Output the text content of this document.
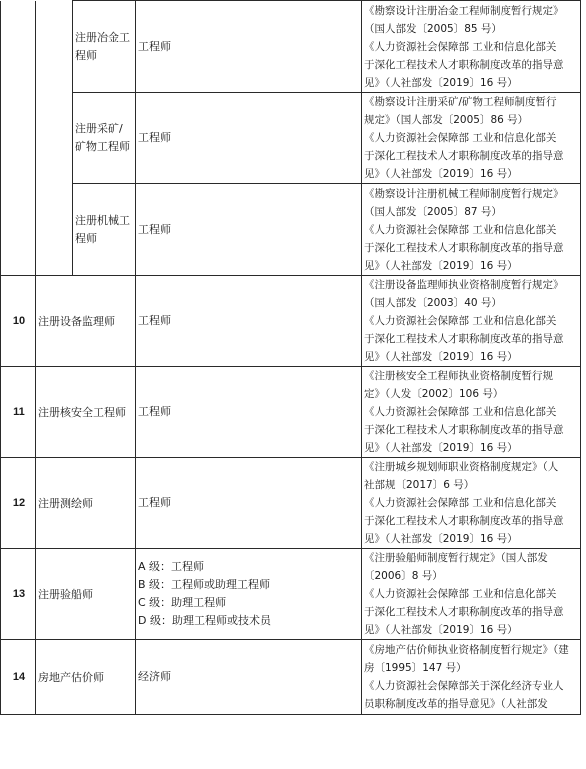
		注册冶金工
程师	工程师	《勘察设计注册冶金工程师制度暂行规定》
（国人部发〔2005〕85 号）
《人力资源社会保障部 工业和信息化部关
于深化工程技术人才职称制度改革的指导意
见》（人社部发〔2019〕16 号）

		注册采矿/
矿物工程师	工程师	《勘察设计注册采矿/矿物工程师制度暂行
规定》（国人部发〔2005〕86 号）
《人力资源社会保障部 工业和信息化部关
于深化工程技术人才职称制度改革的指导意
见》（人社部发〔2019〕16 号）

		注册机械工
程师	工程师	《勘察设计注册机械工程师制度暂行规定》
（国人部发〔2005〕87 号）
《人力资源社会保障部 工业和信息化部关
于深化工程技术人才职称制度改革的指导意
见》（人社部发〔2019〕16 号）

10	注册设备监理师		工程师	《注册设备监理师执业资格制度暂行规定》
（国人部发〔2003〕40 号）
《人力资源社会保障部 工业和信息化部关
于深化工程技术人才职称制度改革的指导意
见》（人社部发〔2019〕16 号）

11	注册核安全工程师		工程师	《注册核安全工程师执业资格制度暂行规
定》（人发〔2002〕106 号）
《人力资源社会保障部 工业和信息化部关
于深化工程技术人才职称制度改革的指导意
见》（人社部发〔2019〕16 号）

12	注册测绘师		工程师	《注册城乡规划师职业资格制度规定》（人
社部规〔2017〕6 号）
《人力资源社会保障部 工业和信息化部关
于深化工程技术人才职称制度改革的指导意
见》（人社部发〔2019〕16 号）

13	注册验船师		A 级：工程师
B 级：工程师或助理工程师
C 级：助理工程师
D 级：助理工程师或技术员	《注册验船师制度暂行规定》（国人部发
〔2006〕8 号）
《人力资源社会保障部 工业和信息化部关
于深化工程技术人才职称制度改革的指导意
见》（人社部发〔2019〕16 号）

14	房地产估价师		经济师	《房地产估价师执业资格制度暂行规定》（建
房〔1995〕147 号）
《人力资源社会保障部关于深化经济专业人
员职称制度改革的指导意见》（人社部发
